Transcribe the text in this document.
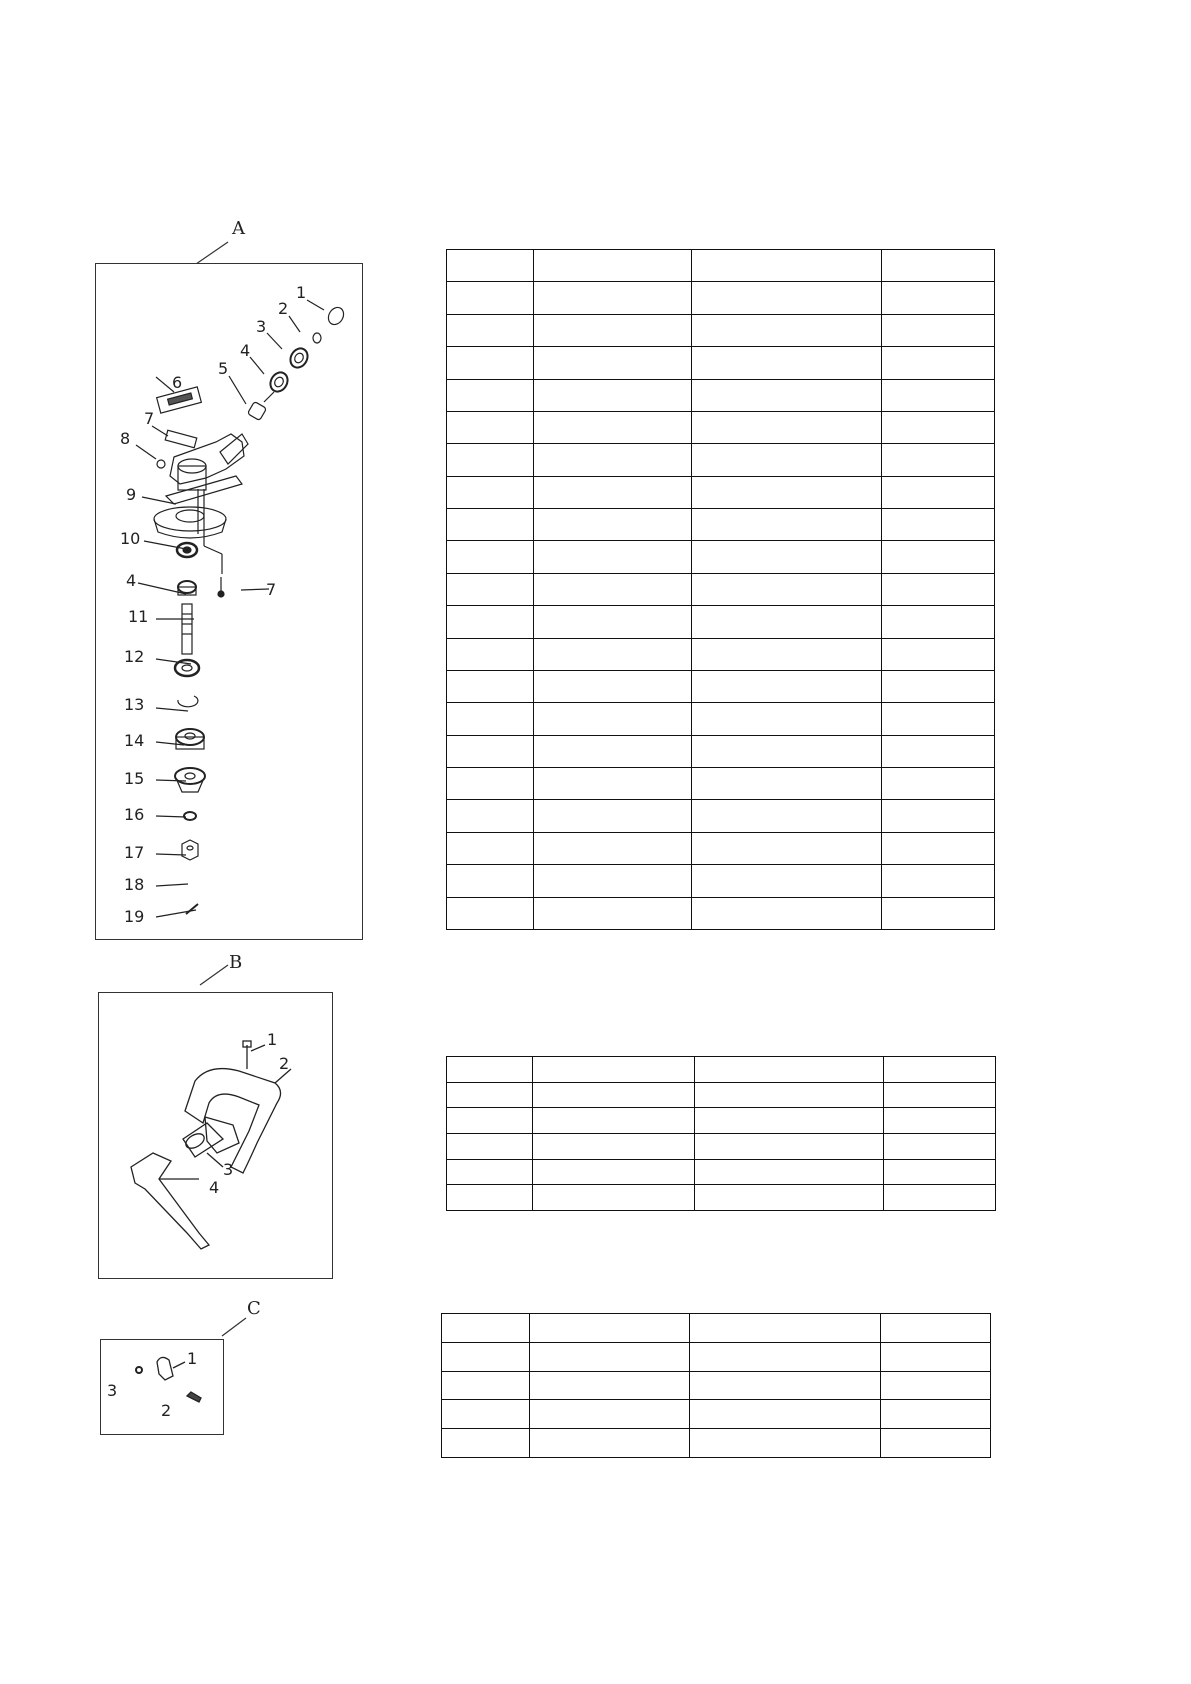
A
1
2
3
4
5
6
7
8
9
10
4
11
12
13
14
15
16
17
18
19
7

B
1
2
3
4

C
1
2
3
